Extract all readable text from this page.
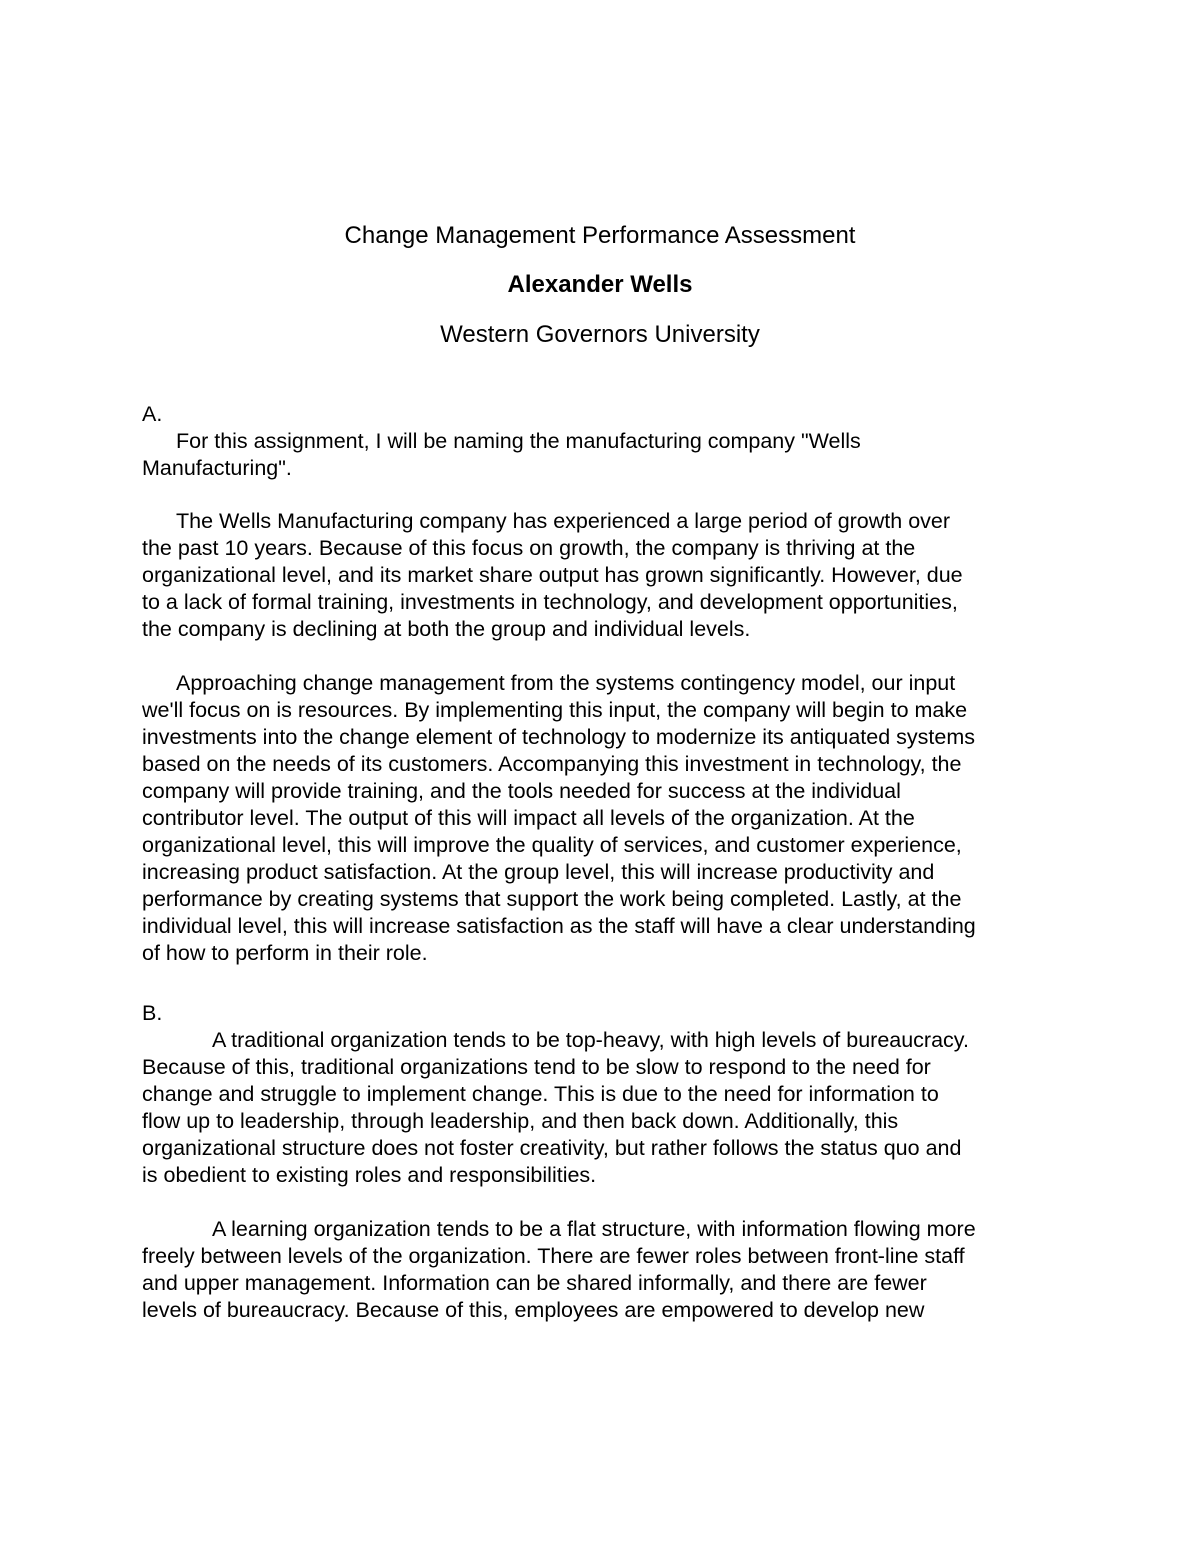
Change Management Performance Assessment
Alexander Wells
Western Governors University
A.
For this assignment, I will be naming the manufacturing company "Wells
Manufacturing".
The Wells Manufacturing company has experienced a large period of growth over
the past 10 years. Because of this focus on growth, the company is thriving at the
organizational level, and its market share output has grown significantly. However, due
to a lack of formal training, investments in technology, and development opportunities,
the company is declining at both the group and individual levels.
Approaching change management from the systems contingency model, our input
we'll focus on is resources. By implementing this input, the company will begin to make
investments into the change element of technology to modernize its antiquated systems
based on the needs of its customers. Accompanying this investment in technology, the
company will provide training, and the tools needed for success at the individual
contributor level. The output of this will impact all levels of the organization. At the
organizational level, this will improve the quality of services, and customer experience,
increasing product satisfaction. At the group level, this will increase productivity and
performance by creating systems that support the work being completed. Lastly, at the
individual level, this will increase satisfaction as the staff will have a clear understanding
of how to perform in their role.
B.
A traditional organization tends to be top-heavy, with high levels of bureaucracy.
Because of this, traditional organizations tend to be slow to respond to the need for
change and struggle to implement change. This is due to the need for information to
flow up to leadership, through leadership, and then back down. Additionally, this
organizational structure does not foster creativity, but rather follows the status quo and
is obedient to existing roles and responsibilities.
A learning organization tends to be a flat structure, with information flowing more
freely between levels of the organization. There are fewer roles between front-line staff
and upper management. Information can be shared informally, and there are fewer
levels of bureaucracy. Because of this, employees are empowered to develop new
